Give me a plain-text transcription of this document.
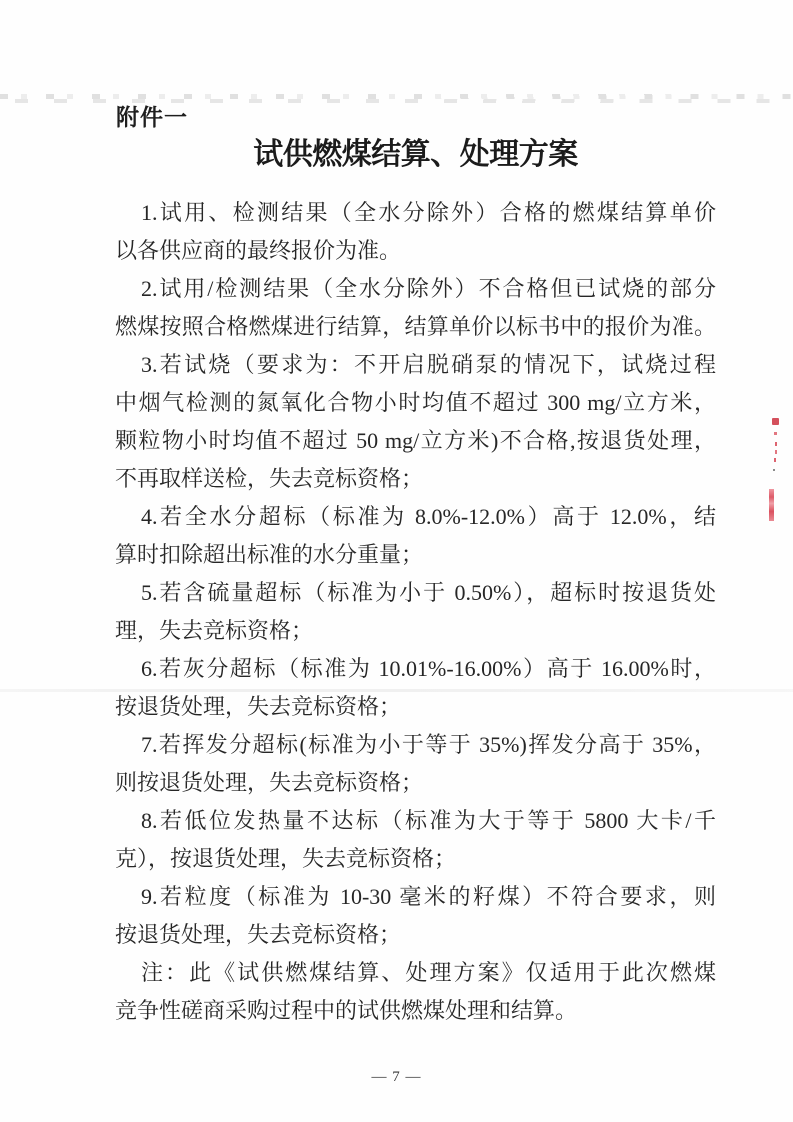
附件一
试供燃煤结算、处理方案
1.试用、检测结果（全水分除外）合格的燃煤结算单价
以各供应商的最终报价为准。
2.试用/检测结果（全水分除外）不合格但已试烧的部分
燃煤按照合格燃煤进行结算，结算单价以标书中的报价为准。
3.若试烧（要求为：不开启脱硝泵的情况下，试烧过程
中烟气检测的氮氧化合物小时均值不超过 300 mg/立方米，
颗粒物小时均值不超过 50 mg/立方米)不合格,按退货处理，
不再取样送检，失去竞标资格；
4.若全水分超标（标准为 8.0%-12.0%）高于 12.0%，结
算时扣除超出标准的水分重量；
5.若含硫量超标（标准为小于 0.50%），超标时按退货处
理，失去竞标资格；
6.若灰分超标（标准为 10.01%-16.00%）高于 16.00%时，
按退货处理，失去竞标资格；
7.若挥发分超标(标准为小于等于 35%)挥发分高于 35%，
则按退货处理，失去竞标资格；
8.若低位发热量不达标（标准为大于等于 5800 大卡/千
克），按退货处理，失去竞标资格；
9.若粒度（标准为 10-30 毫米的籽煤）不符合要求，则
按退货处理，失去竞标资格；
注：此《试供燃煤结算、处理方案》仅适用于此次燃煤
竞争性磋商采购过程中的试供燃煤处理和结算。
— 7 —
